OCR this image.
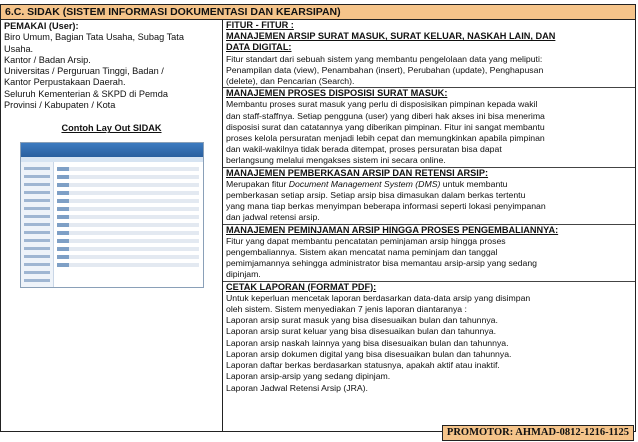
6.C. SIDAK (SISTEM INFORMASI DOKUMENTASI DAN KEARSIPAN)
PEMAKAI (User):
Biro Umum, Bagian Tata Usaha, Subag Tata
Usaha.
Kantor / Badan Arsip.
Universitas / Perguruan Tinggi, Badan /
Kantor Perpustakaan Daerah.
Seluruh Kementerian & SKPD di Pemda
Provinsi / Kabupaten / Kota
Contoh Lay Out SIDAK
FITUR - FITUR :
MANAJEMEN ARSIP SURAT MASUK, SURAT KELUAR, NASKAH LAIN, DAN
DATA DIGITAL:
Fitur standart dari sebuah sistem yang membantu pengelolaan data yang meliputi:
Penampilan data (view), Penambahan (insert), Perubahan (update), Penghapusan
(delete), dan Pencarian (Search).
MANAJEMEN PROSES DISPOSISI SURAT MASUK:
Membantu proses surat masuk yang perlu di disposisikan pimpinan kepada wakil
dan staff-staffnya. Setiap pengguna (user) yang diberi hak akses ini bisa menerima
disposisi surat dan catatannya yang diberikan pimpinan. Fitur ini sangat membantu
proses kelola persuratan menjadi lebih cepat dan memungkinkan apabila pimpinan
dan wakil-wakilnya tidak berada ditempat, proses persuratan bisa dapat
berlangsung melalui mengakses sistem ini secara online.
MANAJEMEN PEMBERKASAN ARSIP DAN RETENSI ARSIP:
Merupakan fitur Document Management System (DMS) untuk membantu
pemberkasan setiap arsip. Setiap arsip bisa dimasukan dalam berkas tertentu
yang mana tiap berkas menyimpan beberapa informasi seperti lokasi penyimpanan
dan jadwal retensi arsip.
MANAJEMEN PEMINJAMAN ARSIP HINGGA PROSES PENGEMBALIANNYA:
Fitur yang dapat membantu pencatatan peminjaman arsip hingga proses
pengembaliannya. Sistem akan mencatat nama peminjam dan tanggal
pemimjamannya sehingga administrator bisa memantau arsip-arsip yang sedang
dipinjam.
CETAK LAPORAN (FORMAT PDF):
Untuk keperluan mencetak laporan berdasarkan data-data arsip yang disimpan
oleh sistem. Sistem menyediakan 7 jenis laporan diantaranya :
Laporan arsip surat masuk yang bisa disesuaikan bulan dan tahunnya.
Laporan arsip surat keluar yang bisa disesuaikan bulan dan tahunnya.
Laporan arsip naskah lainnya yang bisa disesuaikan bulan dan tahunnya.
Laporan arsip dokumen digital yang bisa disesuaikan bulan dan tahunnya.
Laporan daftar berkas berdasarkan statusnya, apakah aktif atau inaktif.
Laporan arsip-arsip yang sedang dipinjam.
Laporan Jadwal Retensi Arsip (JRA).
PROMOTOR: AHMAD-0812-1216-1125
